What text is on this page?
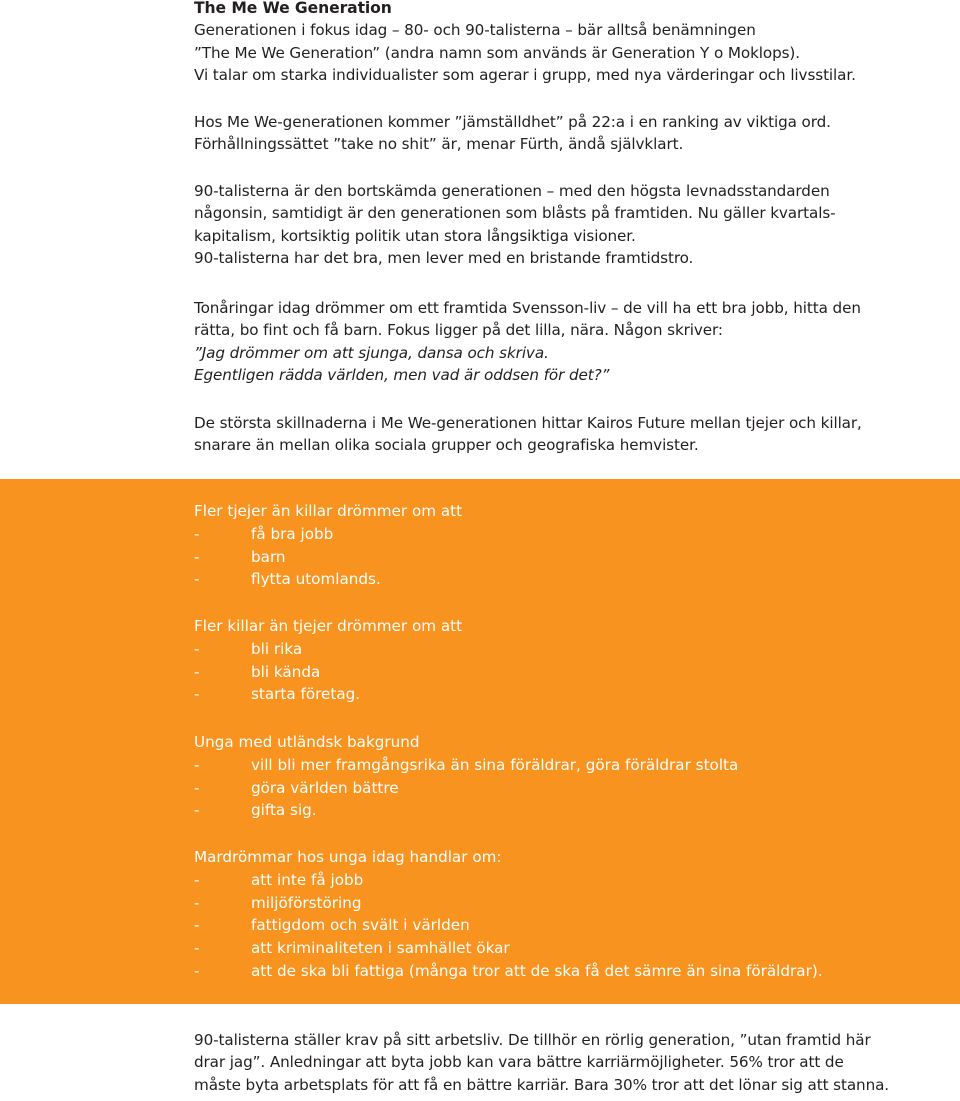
The Me We Generation
Generationen i fokus idag – 80- och 90-talisterna – bär alltså benämningen
”The Me We Generation” (andra namn som används är Generation Y o Moklops).
Vi talar om starka individualister som agerar i grupp, med nya värderingar och livsstilar.
Hos Me We-generationen kommer ”jämställdhet” på 22:a i en ranking av viktiga ord.
Förhållningssättet ”take no shit” är, menar Fürth, ändå självklart.
90-talisterna är den bortskämda generationen – med den högsta levnadsstandarden
någonsin, samtidigt är den generationen som blåsts på framtiden. Nu gäller kvartals-
kapitalism, kortsiktig politik utan stora långsiktiga visioner.
90-talisterna har det bra, men lever med en bristande framtidstro.
Tonåringar idag drömmer om ett framtida Svensson-liv – de vill ha ett bra jobb, hitta den
rätta, bo fint och få barn. Fokus ligger på det lilla, nära. Någon skriver:
”Jag drömmer om att sjunga, dansa och skriva.
Egentligen rädda världen, men vad är oddsen för det?”
De största skillnaderna i Me We-generationen hittar Kairos Future mellan tjejer och killar,
snarare än mellan olika sociala grupper och geografiska hemvister.
Fler tjejer än killar drömmer om att
-	få bra jobb
-	barn
-	flytta utomlands.
Fler killar än tjejer drömmer om att
-	bli rika
-	bli kända
-	starta företag.
Unga med utländsk bakgrund
-	vill bli mer framgångsrika än sina föräldrar, göra föräldrar stolta
-	göra världen bättre
-	gifta sig.
Mardrömmar hos unga idag handlar om:
-	att inte få jobb
-	miljöförstöring
-	fattigdom och svält i världen
-	att kriminaliteten i samhället ökar
-	att de ska bli fattiga (många tror att de ska få det sämre än sina föräldrar).
90-talisterna ställer krav på sitt arbetsliv. De tillhör en rörlig generation, ”utan framtid här
drar jag”. Anledningar att byta jobb kan vara bättre karriärmöjligheter. 56% tror att de
måste byta arbetsplats för att få en bättre karriär. Bara 30% tror att det lönar sig att stanna.
